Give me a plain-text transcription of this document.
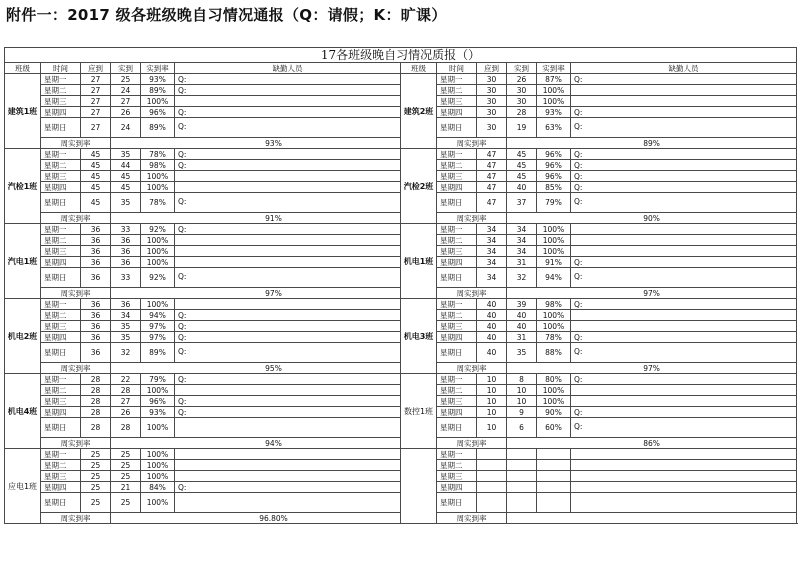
附件一：2017 级各班级晚自习情况通报（Q：请假；K：旷课）
17各班级晚自习情况质报（）											
班级	时间	应到	实到	实到率	缺勤人员	班级	时间	应到	实到	实到率	缺勤人员
建筑1班	星期一	27	25	93%	Q:	建筑2班	星期一	30	26	87%	Q:
	星期二	27	24	89%	Q:		星期二	30	30	100%	
	星期三	27	27	100%			星期三	30	30	100%	
	星期四	27	26	96%	Q:		星期四	30	28	93%	Q:
	星期日	27	24	89%	Q:		星期日	30	19	63%	Q:
	周实到率		93%				周实到率		89%		
汽检1班	星期一	45	35	78%	Q:	汽检2班	星期一	47	45	96%	Q:
	星期二	45	44	98%	Q:		星期二	47	45	96%	Q:
	星期三	45	45	100%			星期三	47	45	96%	Q:
	星期四	45	45	100%			星期四	47	40	85%	Q:
	星期日	45	35	78%	Q:		星期日	47	37	79%	Q:
	周实到率		91%				周实到率		90%		
汽电1班	星期一	36	33	92%	Q:	机电1班	星期一	34	34	100%	
	星期二	36	36	100%			星期二	34	34	100%	
	星期三	36	36	100%			星期三	34	34	100%	
	星期四	36	36	100%			星期四	34	31	91%	Q:
	星期日	36	33	92%	Q:		星期日	34	32	94%	Q:
	周实到率		97%				周实到率		97%		
机电2班	星期一	36	36	100%		机电3班	星期一	40	39	98%	Q:
	星期二	36	34	94%	Q:		星期二	40	40	100%	
	星期三	36	35	97%	Q:		星期三	40	40	100%	
	星期四	36	35	97%	Q:		星期四	40	31	78%	Q:
	星期日	36	32	89%	Q:		星期日	40	35	88%	Q:
	周实到率		95%				周实到率		97%		
机电4班	星期一	28	22	79%	Q:	数控1班	星期一	10	8	80%	Q:
	星期二	28	28	100%			星期二	10	10	100%	
	星期三	28	27	96%	Q:		星期三	10	10	100%	
	星期四	28	26	93%	Q:		星期四	10	9	90%	Q:
	星期日	28	28	100%			星期日	10	6	60%	Q:
	周实到率		94%				周实到率		86%		
应电1班	星期一	25	25	100%			星期一				
	星期二	25	25	100%			星期二				
	星期三	25	25	100%			星期三				
	星期四	25	21	84%	Q:		星期四				
	星期日	25	25	100%			星期日				
	周实到率		96.80%				周实到率				
